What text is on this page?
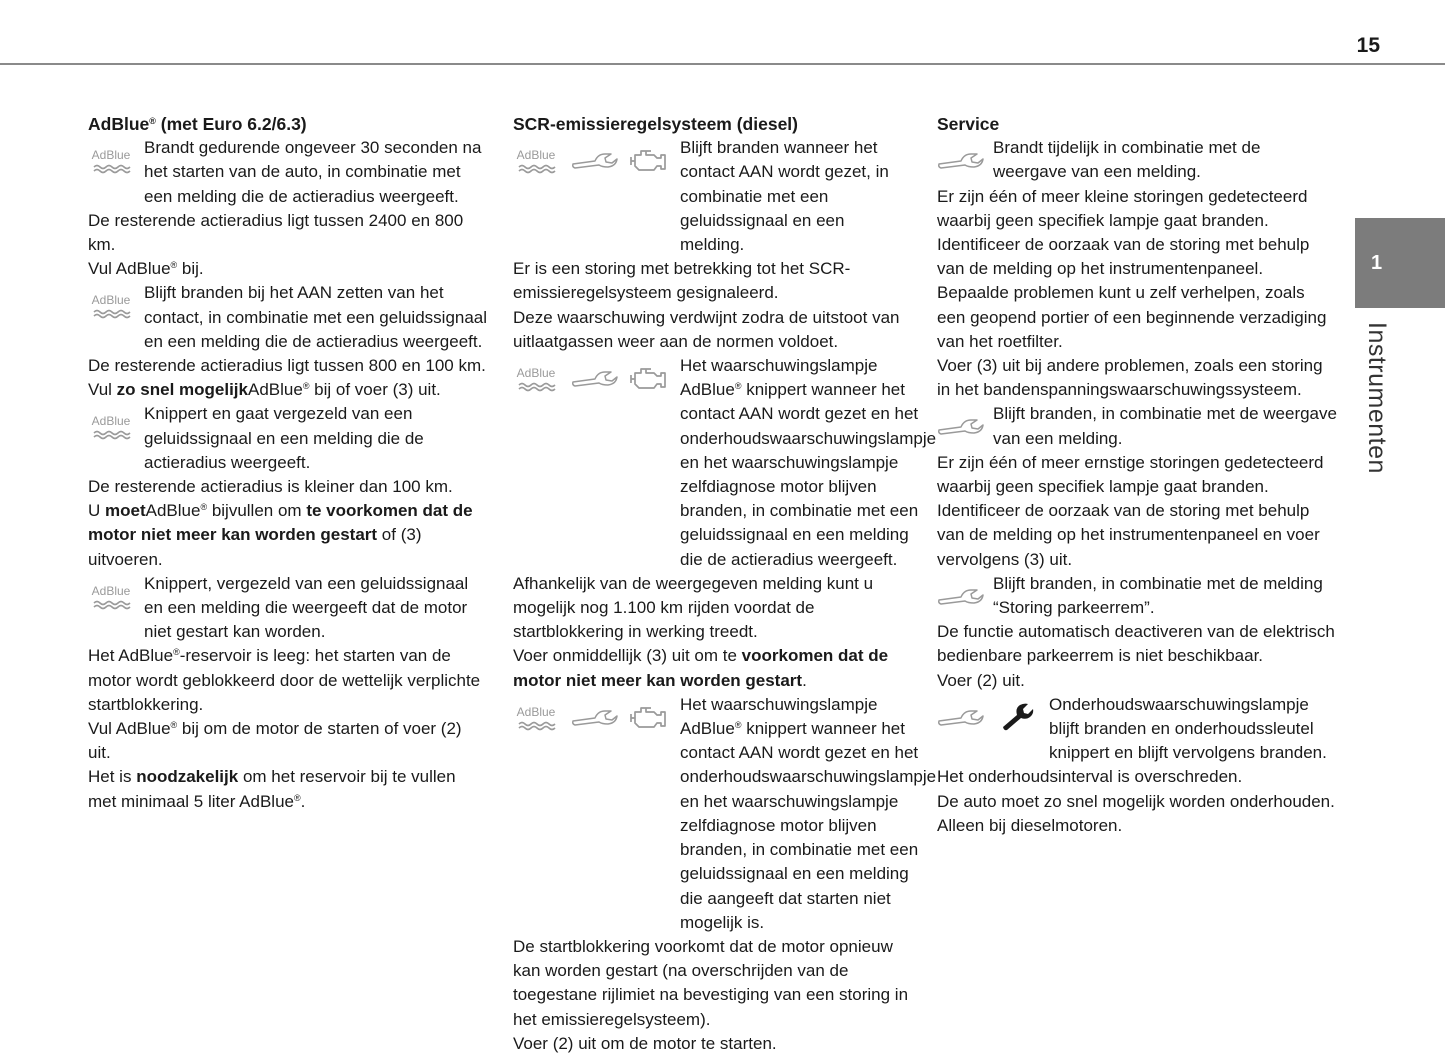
15
1
Instrumenten
AdBlue® (met Euro 6.2/6.3)
Brandt gedurende ongeveer 30 seconden na het starten van de auto, in combinatie met een melding die de actieradius weergeeft.

De resterende actieradius ligt tussen 2400 en 800 km.

Vul AdBlue® bij.

Blijft branden bij het AAN zetten van het contact, in combinatie met een geluidssignaal en een melding die de actieradius weergeeft.

De resterende actieradius ligt tussen 800 en 100 km.

Vul zo snel mogelijkAdBlue® bij of voer (3) uit.

Knippert en gaat vergezeld van een geluidssignaal en een melding die de actieradius weergeeft.

De resterende actieradius is kleiner dan 100 km.

U moetAdBlue® bijvullen om te voorkomen dat de motor niet meer kan worden gestart of (3) uitvoeren.

Knippert, vergezeld van een geluidssignaal en een melding die weergeeft dat de motor niet gestart kan worden.

Het AdBlue®-reservoir is leeg: het starten van de motor wordt geblokkeerd door de wettelijk verplichte startblokkering.

Vul AdBlue® bij om de motor de starten of voer (2) uit.

Het is noodzakelijk om het reservoir bij te vullen met minimaal 5 liter AdBlue®.

SCR-emissieregelsysteem (diesel)
Blijft branden wanneer het contact AAN wordt gezet, in combinatie met een geluidssignaal en een melding.

Er is een storing met betrekking tot het SCR-emissieregelsysteem gesignaleerd.

Deze waarschuwing verdwijnt zodra de uitstoot van uitlaatgassen weer aan de normen voldoet.

Het waarschuwingslampje AdBlue® knippert wanneer het contact AAN wordt gezet en het onderhoudswaarschuwingslampje en het waarschuwingslampje zelfdiagnose motor blijven branden, in combinatie met een geluidssignaal en een melding die de actieradius weergeeft.

Afhankelijk van de weergegeven melding kunt u mogelijk nog 1.100 km rijden voordat de startblokkering in werking treedt.

Voer onmiddellijk (3) uit om te voorkomen dat de motor niet meer kan worden gestart.

Het waarschuwingslampje AdBlue® knippert wanneer het contact AAN wordt gezet en het onderhoudswaarschuwingslampje en het waarschuwingslampje zelfdiagnose motor blijven branden, in combinatie met een geluidssignaal en een melding die aangeeft dat starten niet mogelijk is.

De startblokkering voorkomt dat de motor opnieuw kan worden gestart (na overschrijden van de toegestane rijlimiet na bevestiging van een storing in het emissieregelsysteem).

Voer (2) uit om de motor te starten.

Service
Brandt tijdelijk in combinatie met de weergave van een melding.

Er zijn één of meer kleine storingen gedetecteerd waarbij geen specifiek lampje gaat branden.

Identificeer de oorzaak van de storing met behulp van de melding op het instrumentenpaneel.

Bepaalde problemen kunt u zelf verhelpen, zoals een geopend portier of een beginnende verzadiging van het roetfilter.

Voer (3) uit bij andere problemen, zoals een storing in het bandenspanningswaarschuwingssysteem.

Blijft branden, in combinatie met de weergave van een melding.

Er zijn één of meer ernstige storingen gedetecteerd waarbij geen specifiek lampje gaat branden.

Identificeer de oorzaak van de storing met behulp van de melding op het instrumentenpaneel en voer vervolgens (3) uit.

Blijft branden, in combinatie met de melding “Storing parkeerrem”.

De functie automatisch deactiveren van de elektrisch bedienbare parkeerrem is niet beschikbaar.

Voer (2) uit.

Onderhoudswaarschuwingslampje blijft branden en onderhoudssleutel knippert en blijft vervolgens branden.

Het onderhoudsinterval is overschreden.

De auto moet zo snel mogelijk worden onderhouden.

Alleen bij dieselmotoren.
